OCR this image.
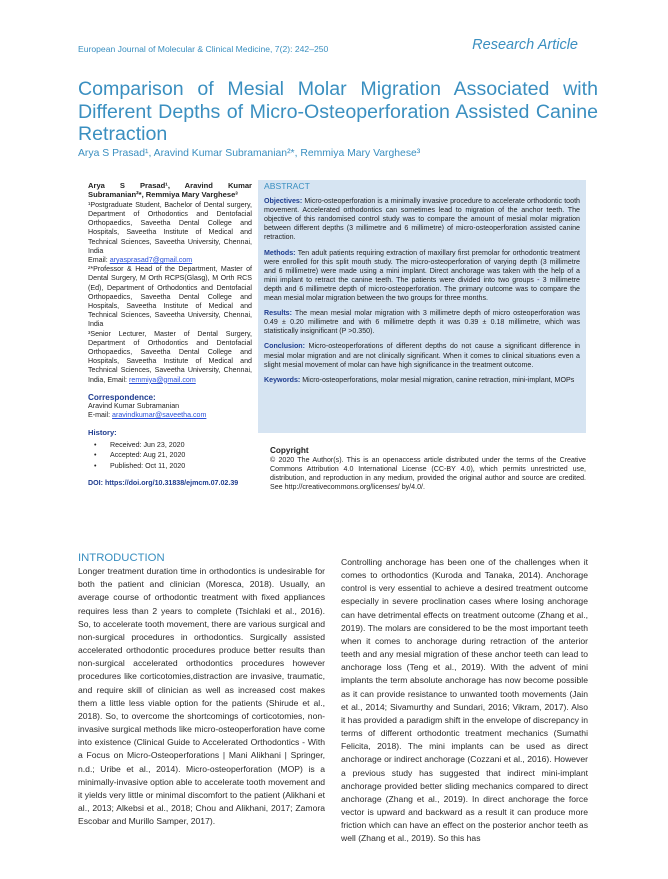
European Journal of Molecular & Clinical Medicine, 7(2): 242–250	Research Article
Comparison of Mesial Molar Migration Associated with Different Depths of Micro-Osteoperforation Assisted Canine Retraction
Arya S Prasad¹, Aravind Kumar Subramanian²*, Remmiya Mary Varghese³

Arya S Prasad¹, Aravind Kumar Subramanian²*, Remmiya Mary Varghese³

¹Postgraduate Student, Bachelor of Dental surgery, Department of Orthodontics and Dentofacial Orthopaedics, Saveetha Dental College and Hospitals, Saveetha Institute of Medical and Technical Sciences, Saveetha University, Chennai, India

Email: aryasprasad7@gmail.com

²*Professor & Head of the Department, Master of Dental Surgery, M Orth RCPS(Glasg), M Orth RCS (Ed), Department of Orthodontics and Dentofacial Orthopaedics, Saveetha Dental College and Hospitals, Saveetha Institute of Medical and Technical Sciences, Saveetha University, Chennai, India

³Senior Lecturer, Master of Dental Surgery, Department of Orthodontics and Dentofacial Orthopaedics, Saveetha Dental College and Hospitals, Saveetha Institute of Medical and Technical Sciences, Saveetha University, Chennai, India, Email: remmiya@gmail.com

Correspondence:

Aravind Kumar Subramanian

E-mail: aravindkumar@saveetha.com

History:

• Received: Jun 23, 2020
• Accepted: Aug 21, 2020
• Published: Oct 11, 2020

DOI: https://doi.org/10.31838/ejmcm.07.02.39

ABSTRACT

Objectives: Micro-osteoperforation is a minimally invasive procedure to accelerate orthodontic tooth movement. Accelerated orthodontics can sometimes lead to migration of the anchor teeth. The objective of this randomised control study was to compare the amount of mesial molar migration between different depths (3 millimetre and 6 millimetre) of micro-osteoperforation assisted canine retraction.

Methods: Ten adult patients requiring extraction of maxillary first premolar for orthodontic treatment were enrolled for this split mouth study. The micro-osteoperforation of varying depth (3 millimetre and 6 millimetre) were made using a mini implant. Direct anchorage was taken with the help of a mini implant to retract the canine teeth. The patients were divided into two groups - 3 millimetre depth and 6 millimetre depth of micro-osteoperforation. The primary outcome was to compare the mean mesial molar migration between the two groups for three months.

Results: The mean mesial molar migration with 3 millimetre depth of micro osteoperforation was 0.49 ± 0.20 millimetre and with 6 millimetre depth it was 0.39 ± 0.18 millimetre, which was statistically insignificant (P >0.350).

Conclusion: Micro-osteoperforations of different depths do not cause a significant difference in mesial molar migration and are not clinically significant. When it comes to clinical situations even a slight mesial movement of molar can have high significance in the treatment outcome.

Keywords: Micro-osteoperforations, molar mesial migration, canine retraction, mini-implant, MOPs

Copyright

© 2020 The Author(s). This is an openaccess article distributed under the terms of the Creative Commons Attribution 4.0 International License (CC-BY 4.0), which permits unrestricted use, distribution, and reproduction in any medium, provided the original author and source are credited. See http://creativecommons.org/licenses/ by/4.0/.

INTRODUCTION

Longer treatment duration time in orthodontics is undesirable for both the patient and clinician (Moresca, 2018). Usually, an average course of orthodontic treatment with fixed appliances requires less than 2 years to complete (Tsichlaki et al., 2016). So, to accelerate tooth movement, there are various surgical and non-surgical procedures in orthodontics. Surgically assisted accelerated orthodontic procedures produce better results than non-surgical accelerated orthodontics procedures however procedures like corticotomies,distraction are invasive, traumatic, and require skill of clinician as well as increased cost makes them a little less viable option for the patients (Shirude et al., 2018). So, to overcome the shortcomings of corticotomies, non-invasive surgical methods like micro-osteoperforation have come into existence (Clinical Guide to Accelerated Orthodontics - With a Focus on Micro-Osteoperforations | Mani Alikhani | Springer, n.d.; Uribe et al., 2014). Micro-osteoperforation (MOP) is a minimally-invasive option able to accelerate tooth movement and it yields very little or minimal discomfort to the patient (Alikhani et al., 2013; Alkebsi et al., 2018; Chou and Alikhani, 2017; Zamora Escobar and Murillo Samper, 2017).

Controlling anchorage has been one of the challenges when it comes to orthodontics (Kuroda and Tanaka, 2014). Anchorage control is very essential to achieve a desired treatment outcome especially in severe proclination cases where losing anchorage can have detrimental effects on treatment outcome (Zhang et al., 2019). The molars are considered to be the most important teeth when it comes to anchorage during retraction of the anterior teeth and any mesial migration of these anchor teeth can lead to anchorage loss (Teng et al., 2019). With the advent of mini implants the term absolute anchorage has now become possible as it can provide resistance to unwanted tooth movements (Jain et al., 2014; Sivamurthy and Sundari, 2016; Vikram, 2017). Also it has provided a paradigm shift in the envelope of discrepancy in terms of different orthodontic treatment mechanics (Sumathi Felicita, 2018). The mini implants can be used as direct anchorage or indirect anchorage (Cozzani et al., 2016). However a previous study has suggested that indirect mini-implant anchorage provided better sliding mechanics compared to direct anchorage (Zhang et al., 2019). In direct anchorage the force vector is upward and backward as a result it can produce more friction which can have an effect on the posterior anchor teeth as well (Zhang et al., 2019). So this has
